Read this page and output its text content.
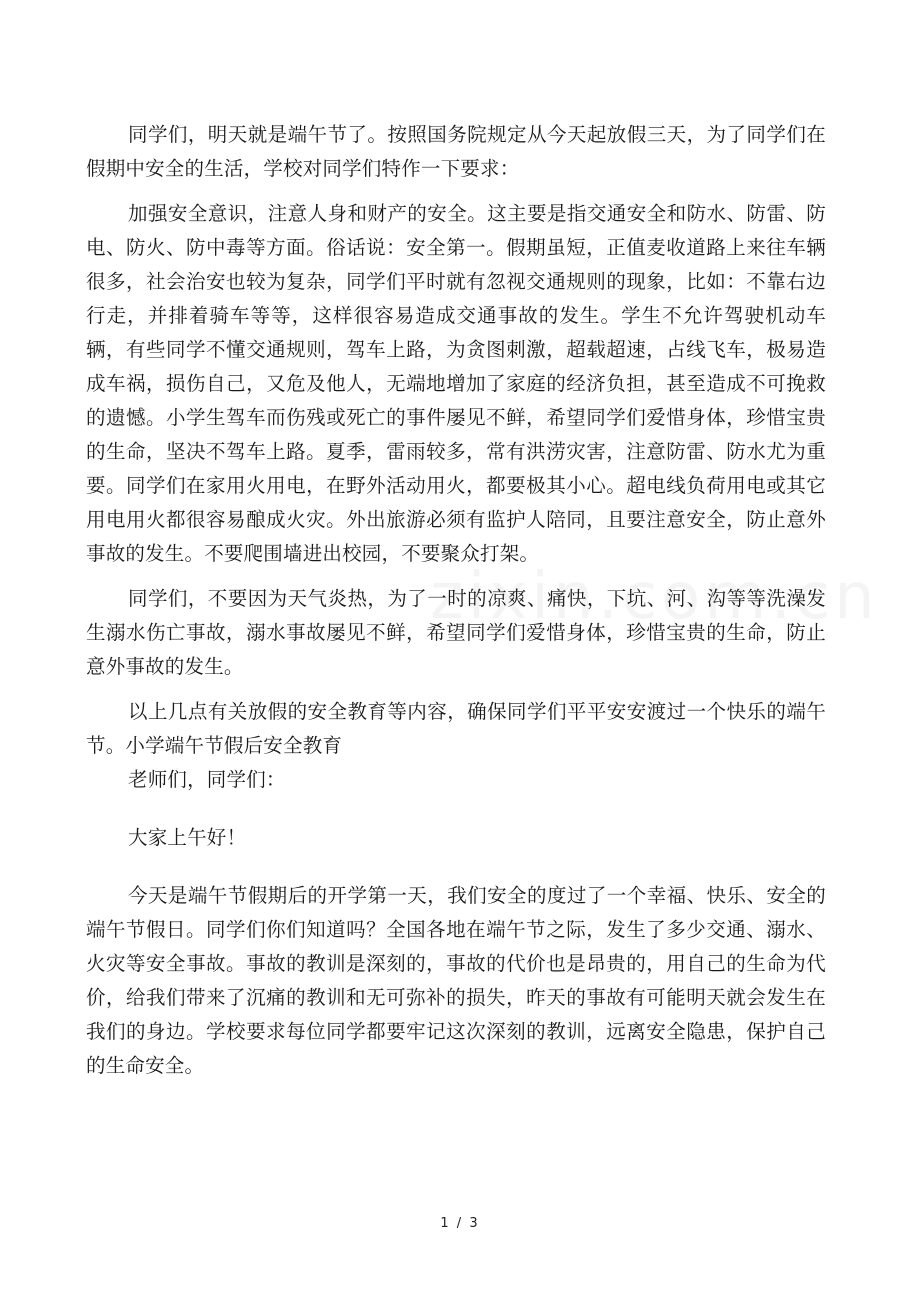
同学们，明天就是端午节了。按照国务院规定从今天起放假三天，为了同学们在假期中安全的生活，学校对同学们特作一下要求：

加强安全意识，注意人身和财产的安全。这主要是指交通安全和防水、防雷、防电、防火、防中毒等方面。俗话说：安全第一。假期虽短，正值麦收道路上来往车辆很多，社会治安也较为复杂，同学们平时就有忽视交通规则的现象，比如：不靠右边行走，并排着骑车等等，这样很容易造成交通事故的发生。学生不允许驾驶机动车辆，有些同学不懂交通规则，驾车上路，为贪图刺激，超载超速，占线飞车，极易造成车祸，损伤自己，又危及他人，无端地增加了家庭的经济负担，甚至造成不可挽救的遗憾。小学生驾车而伤残或死亡的事件屡见不鲜，希望同学们爱惜身体，珍惜宝贵的生命，坚决不驾车上路。夏季，雷雨较多，常有洪涝灾害，注意防雷、防水尤为重要。同学们在家用火用电，在野外活动用火，都要极其小心。超电线负荷用电或其它用电用火都很容易酿成火灾。外出旅游必须有监护人陪同，且要注意安全，防止意外事故的发生。不要爬围墙进出校园，不要聚众打架。

同学们，不要因为天气炎热，为了一时的凉爽、痛快，下坑、河、沟等等洗澡发生溺水伤亡事故，溺水事故屡见不鲜，希望同学们爱惜身体，珍惜宝贵的生命，防止意外事故的发生。

以上几点有关放假的安全教育等内容，确保同学们平平安安渡过一个快乐的端午节。小学端午节假后安全教育

老师们，同学们：

大家上午好！

今天是端午节假期后的开学第一天，我们安全的度过了一个幸福、快乐、安全的端午节假日。同学们你们知道吗？全国各地在端午节之际，发生了多少交通、溺水、火灾等安全事故。事故的教训是深刻的，事故的代价也是昂贵的，用自己的生命为代价，给我们带来了沉痛的教训和无可弥补的损失，昨天的事故有可能明天就会发生在我们的身边。学校要求每位同学都要牢记这次深刻的教训，远离安全隐患，保护自己的生命安全。

1 / 3
